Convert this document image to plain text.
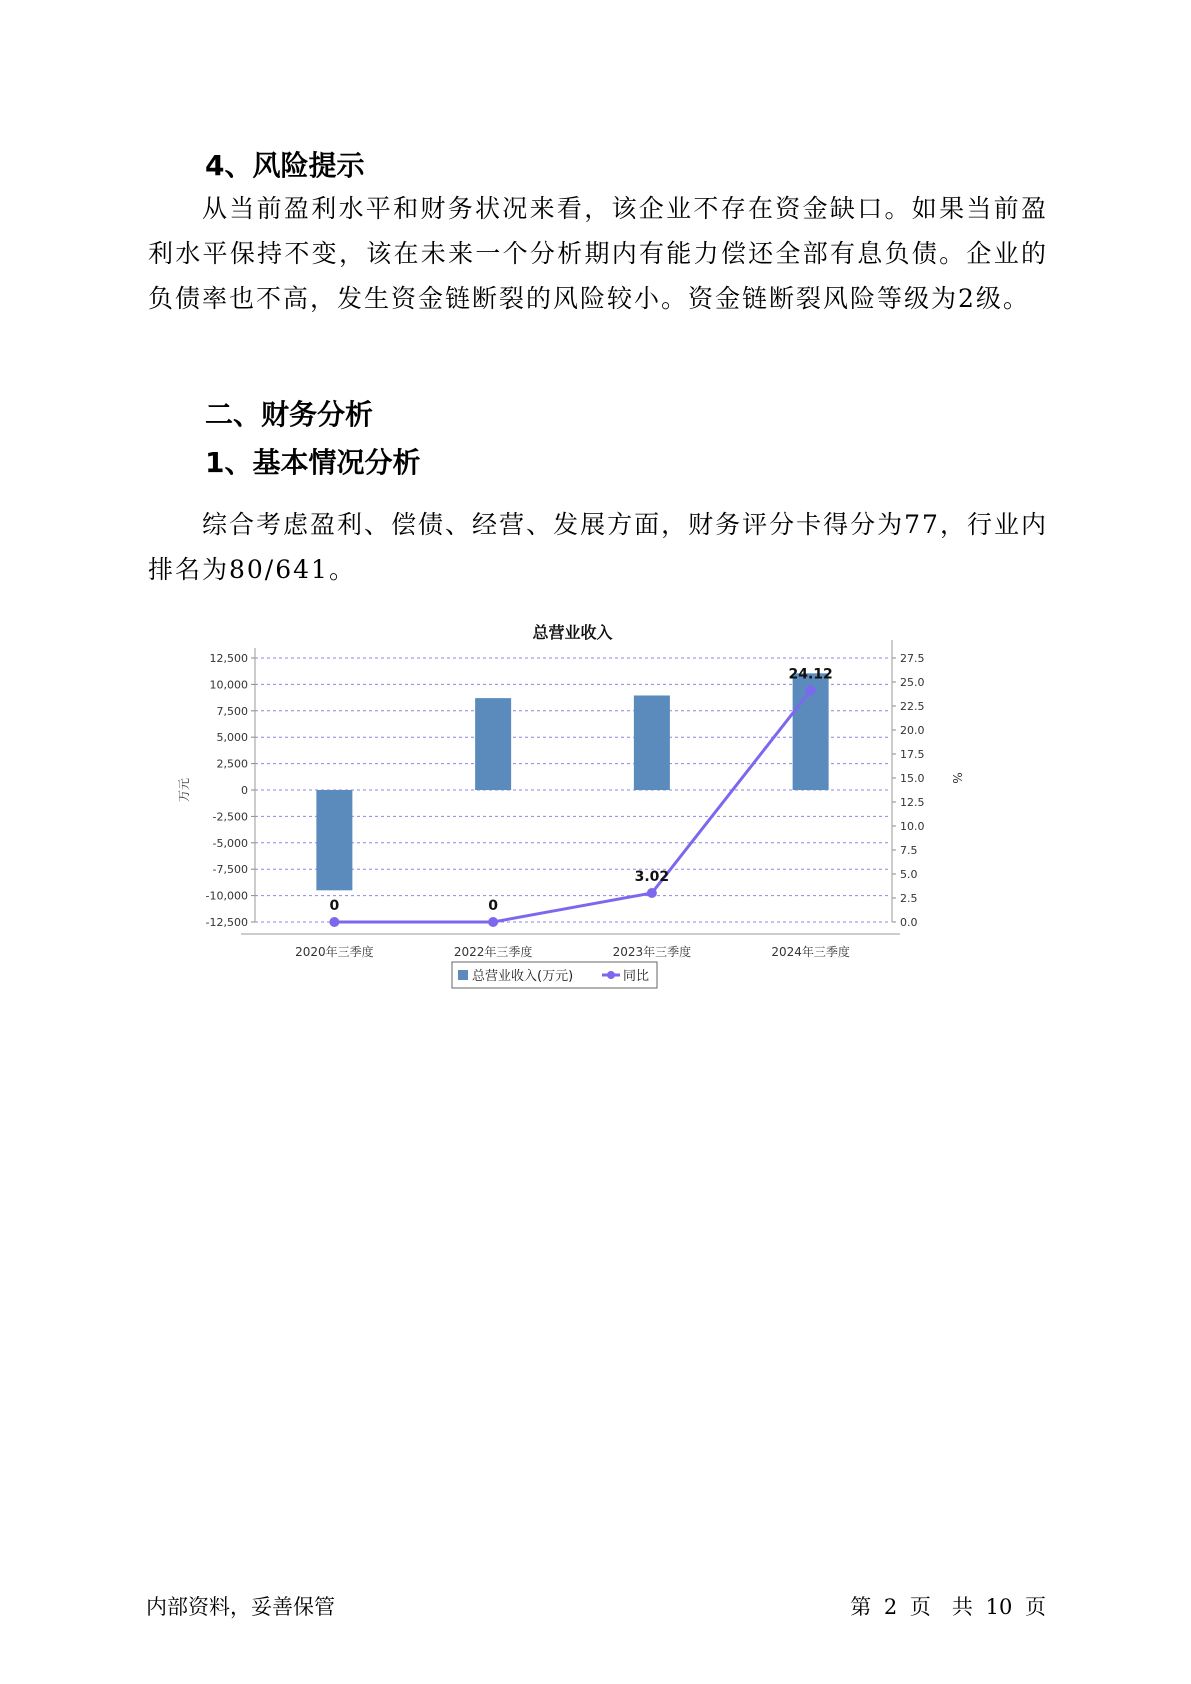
4、风险提示

从当前盈利水平和财务状况来看，该企业不存在资金缺口。如果当前盈利水平保持不变，该在未来一个分析期内有能力偿还全部有息负债。企业的负债率也不高，发生资金链断裂的风险较小。资金链断裂风险等级为2级。

二、财务分析
1、基本情况分析

综合考虑盈利、偿债、经营、发展方面，财务评分卡得分为77，行业内排名为80/641。

总营业收入
12,500
10,000
7,500
5,000
2,500
0
-2,500
-5,000
-7,500
-10,000
-12,500
27.5
25.0
22.5
20.0
17.5
15.0
12.5
10.0
7.5
5.0
2.5
0.0
万元	%
2020年三季度	2022年三季度	2023年三季度	2024年三季度
0	0
3.02
24.12
总营业收入(万元)	同比
内部资料，妥善保管	第 2 页　共 10 页
